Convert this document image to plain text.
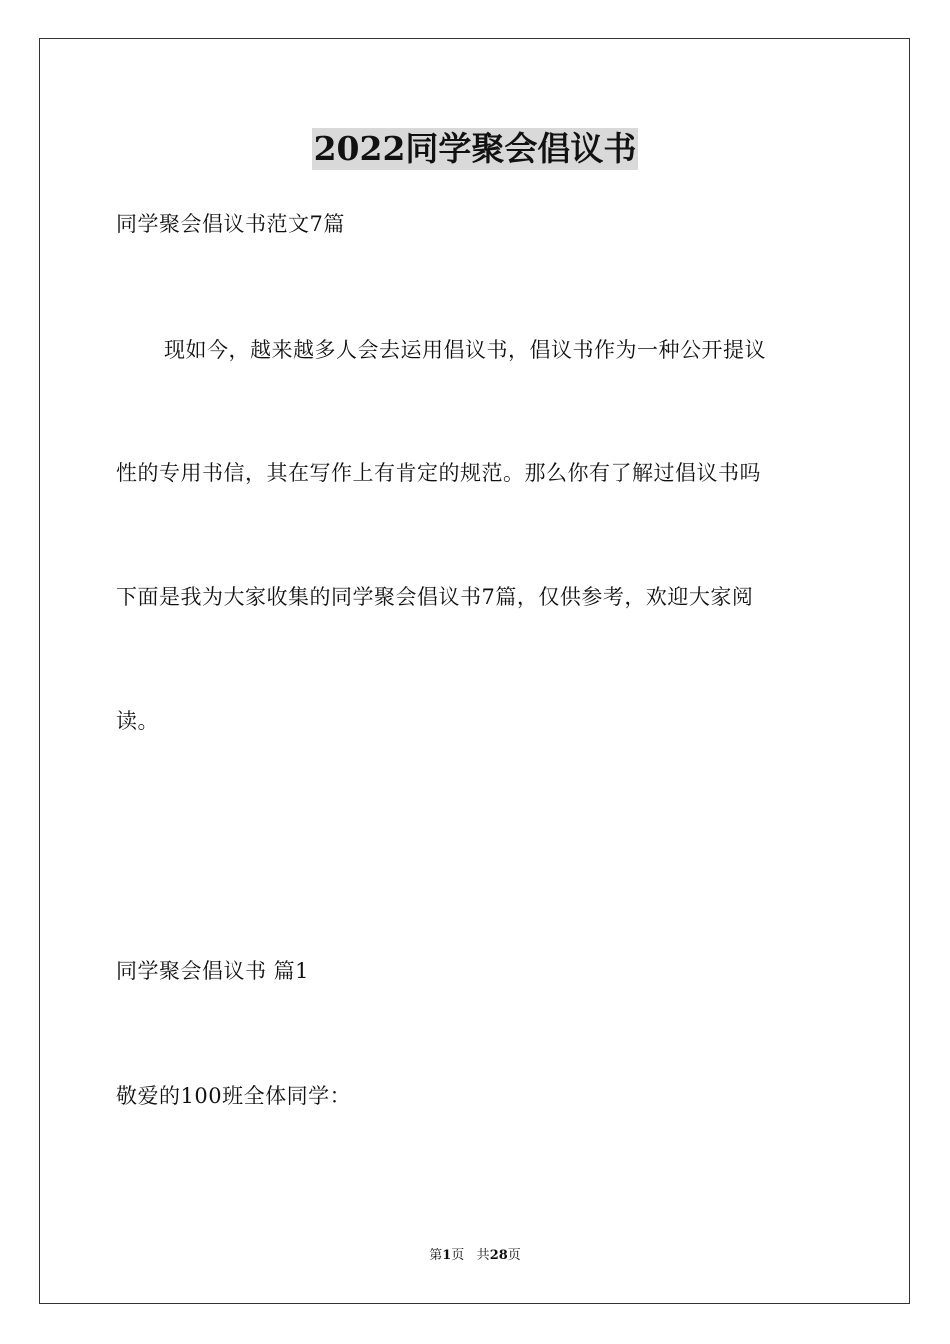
2022同学聚会倡议书
同学聚会倡议书范文7篇
现如今，越来越多人会去运用倡议书，倡议书作为一种公开提议
性的专用书信，其在写作上有肯定的规范。那么你有了解过倡议书吗
下面是我为大家收集的同学聚会倡议书7篇，仅供参考，欢迎大家阅
读。
同学聚会倡议书 篇1
敬爱的100班全体同学：
第1页 共28页
